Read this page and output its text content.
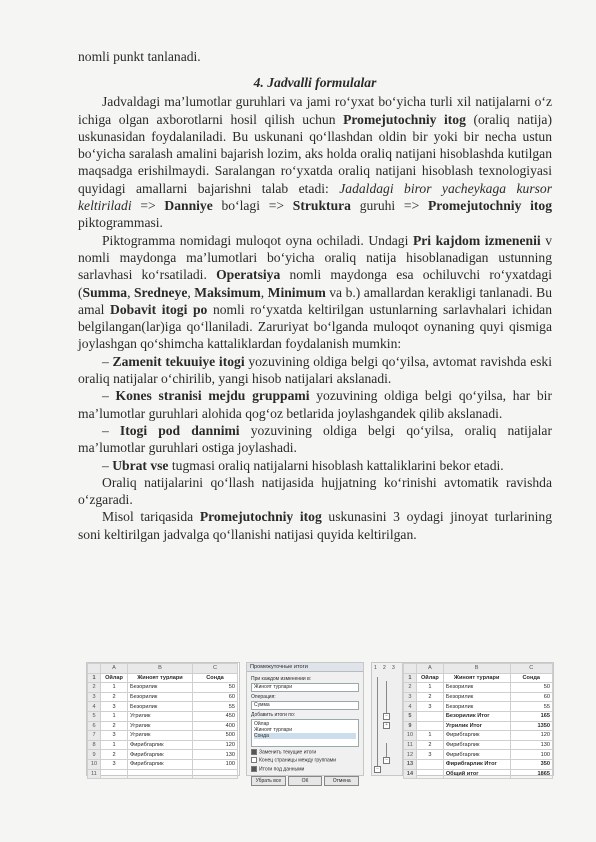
nomli punkt tanlanadi.

4. Jadvalli formulalar

Jadvaldagi ma’lumotlar guruhlari va jami ro‘yxat bo‘yicha turli xil natijalarni o‘z ichiga olgan axborotlarni hosil qilish uchun Promejutochniy itog (oraliq natija) uskunasidan foydalaniladi. Bu uskunani qo‘llashdan oldin bir yoki bir necha ustun bo‘yicha saralash amalini bajarish lozim, aks holda oraliq natijani hisoblashda kutilgan maqsadga erishilmaydi. Saralangan ro‘yxatda oraliq natijani hisoblash texnologiyasi quyidagi amallarni bajarishni talab etadi: Jadaldagi biror yacheykaga kursor keltiriladi => Danniye bo‘lagi => Struktura guruhi => Promejutochniy itog piktogrammasi.

Piktogramma nomidagi muloqot oyna ochiladi. Undagi Pri kajdom izmenenii v nomli maydonga ma’lumotlari bo‘yicha oraliq natija hisoblanadigan ustunning sarlavhasi ko‘rsatiladi. Operatsiya nomli maydonga esa ochiluvchi ro‘yxatdagi (Summa, Sredneye, Maksimum, Minimum va b.) amallardan kerakligi tanlanadi. Bu amal Dobavit itogi po nomli ro‘yxatda keltirilgan ustunlarning sarlavhalari ichidan belgilangan(lar)iga qo‘llaniladi. Zaruriyat bo‘lganda muloqot oynaning quyi qismiga joylashgan qo‘shimcha kattaliklardan foydalanish mumkin:

– Zamenit tekuuiye itogi yozuvining oldiga belgi qo‘yilsa, avtomat ravishda eski oraliq natijalar o‘chirilib, yangi hisob natijalari akslanadi.

– Kones stranisi mejdu gruppami yozuvining oldiga belgi qo‘yilsa, har bir ma’lumotlar guruhlari alohida qog‘oz betlarida joylashgandek qilib akslanadi.

– Itogi pod dannimi yozuvining oldiga belgi qo‘yilsa, oraliq natijalar ma’lumotlar guruhlari ostiga joylashadi.

– Ubrat vse tugmasi oraliq natijalarni hisoblash kattaliklarini bekor etadi.

Oraliq natijalarini qo‘llash natijasida hujjatning ko‘rinishi avtomatik ravishda o‘zgaradi.

Misol tariqasida Promejutochniy itog uskunasini 3 oydagi jinoyat turlarining soni keltirilgan jadvalga qo‘llanishi natijasi quyida keltirilgan.

	A	B	C
1	Ойлар	Жиноят турлари	Сонда
2	1	Безорилик	50
3	2	Безорилик	60
4	3	Безорилик	55
5	1	Угрилик	450
6	2	Угрилик	400
7	3	Угрилик	500
8	1	Фирибгарлик	120
9	2	Фирибгарлик	130
10	3	Фирибгарлик	100
11			
Промежуточные итоги
При каждом изменении в:
Жиноят турлари
Операция:
Сумма
Добавить итоги по:
Ойлар
Жиноят турлари
Сонда
Заменить текущие итоги
Конец страницы между группами
Итоги под данными
Убрать все	ОК	Отмена
1 2 3
−
+
−
−
	A	B	C
1	Ойлар	Жиноят турлари	Сонда
2	1	Безорилик	50
3	2	Безорилик	60
4	3	Безорилик	55
5		Безорилик Итог	165
9		Угрилик Итог	1350
10	1	Фирибгарлик	120
11	2	Фирибгарлик	130
12	3	Фирибгарлик	100
13		Фирибгарлик Итог	350
14		Общий итог	1865
